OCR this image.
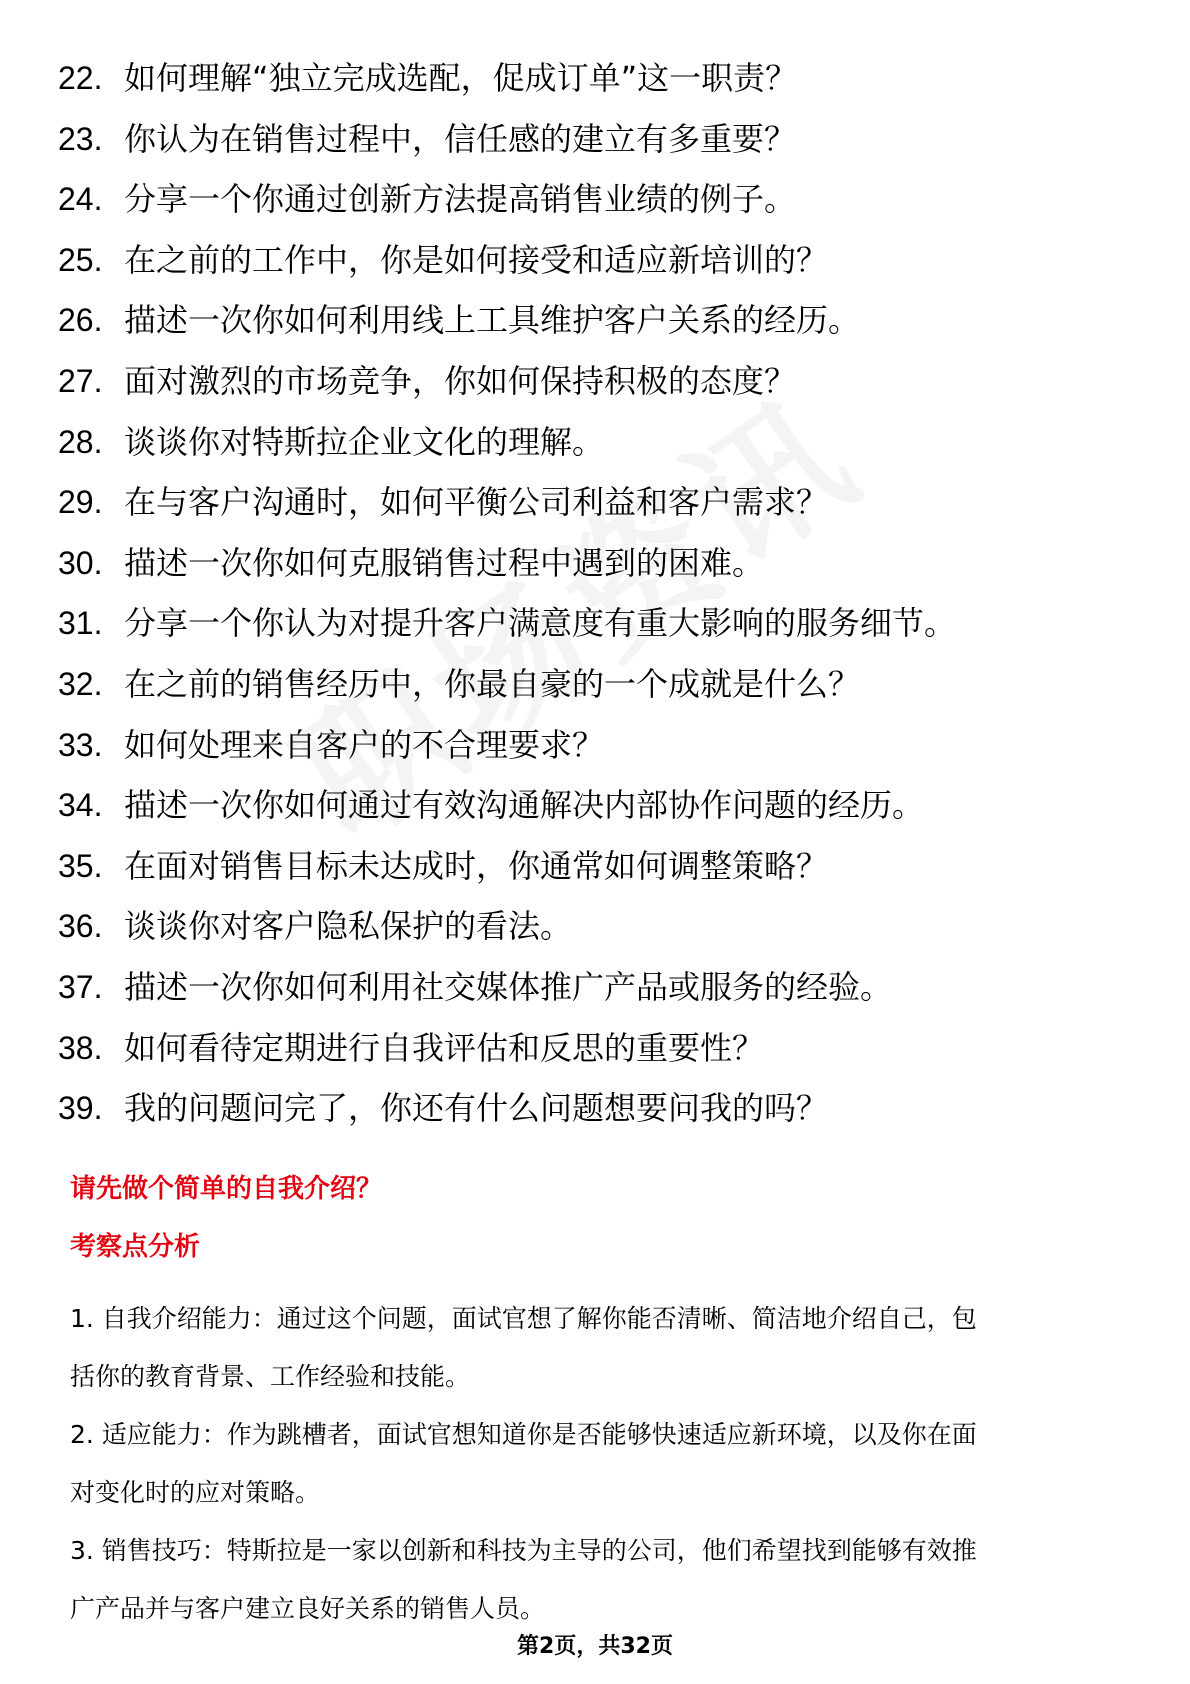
22. 如何理解“独立完成选配，促成订单”这一职责？
23. 你认为在销售过程中，信任感的建立有多重要？
24. 分享一个你通过创新方法提高销售业绩的例子。
25. 在之前的工作中，你是如何接受和适应新培训的？
26. 描述一次你如何利用线上工具维护客户关系的经历。
27. 面对激烈的市场竞争，你如何保持积极的态度？
28. 谈谈你对特斯拉企业文化的理解。
29. 在与客户沟通时，如何平衡公司利益和客户需求？
30. 描述一次你如何克服销售过程中遇到的困难。
31. 分享一个你认为对提升客户满意度有重大影响的服务细节。
32. 在之前的销售经历中，你最自豪的一个成就是什么？
33. 如何处理来自客户的不合理要求？
34. 描述一次你如何通过有效沟通解决内部协作问题的经历。
35. 在面对销售目标未达成时，你通常如何调整策略？
36. 谈谈你对客户隐私保护的看法。
37. 描述一次你如何利用社交媒体推广产品或服务的经验。
38. 如何看待定期进行自我评估和反思的重要性？
39. 我的问题问完了，你还有什么问题想要问我的吗？
请先做个简单的自我介绍？
考察点分析
1. 自我介绍能力：通过这个问题，面试官想了解你能否清晰、简洁地介绍自己，包
括你的教育背景、工作经验和技能。
2. 适应能力：作为跳槽者，面试官想知道你是否能够快速适应新环境，以及你在面
对变化时的应对策略。
3. 销售技巧：特斯拉是一家以创新和科技为主导的公司，他们希望找到能够有效推
广产品并与客户建立良好关系的销售人员。
第2页，共32页
